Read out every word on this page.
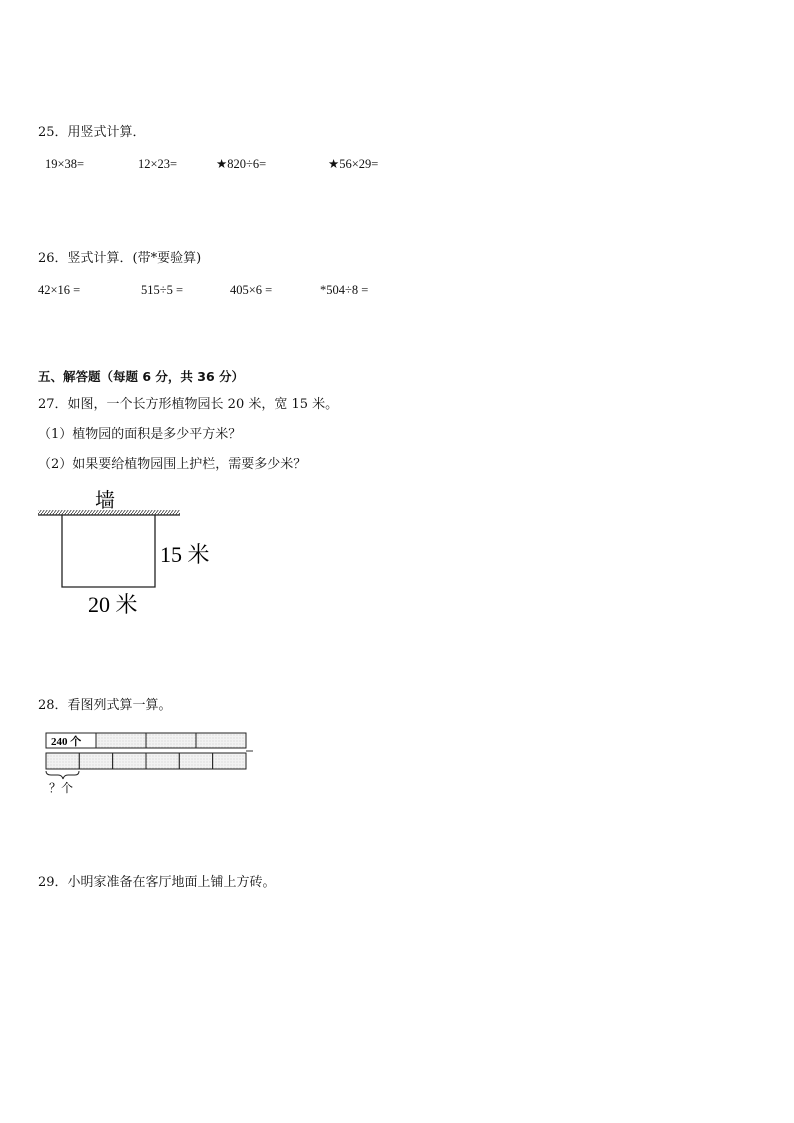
25．用竖式计算．
19×38=	12×23=	★820÷6=	★56×29=
26．竖式计算．(带*要验算)
42×16 =	515÷5 =	405×6 =	*504÷8 =
五、解答题（每题 6 分，共 36 分）
27．如图，一个长方形植物园长 20 米，宽 15 米。
（1）植物园的面积是多少平方米？
（2）如果要给植物园围上护栏，需要多少米？
墙
15 米
20 米
28．看图列式算一算。
240 个
？个
29．小明家准备在客厅地面上铺上方砖。
